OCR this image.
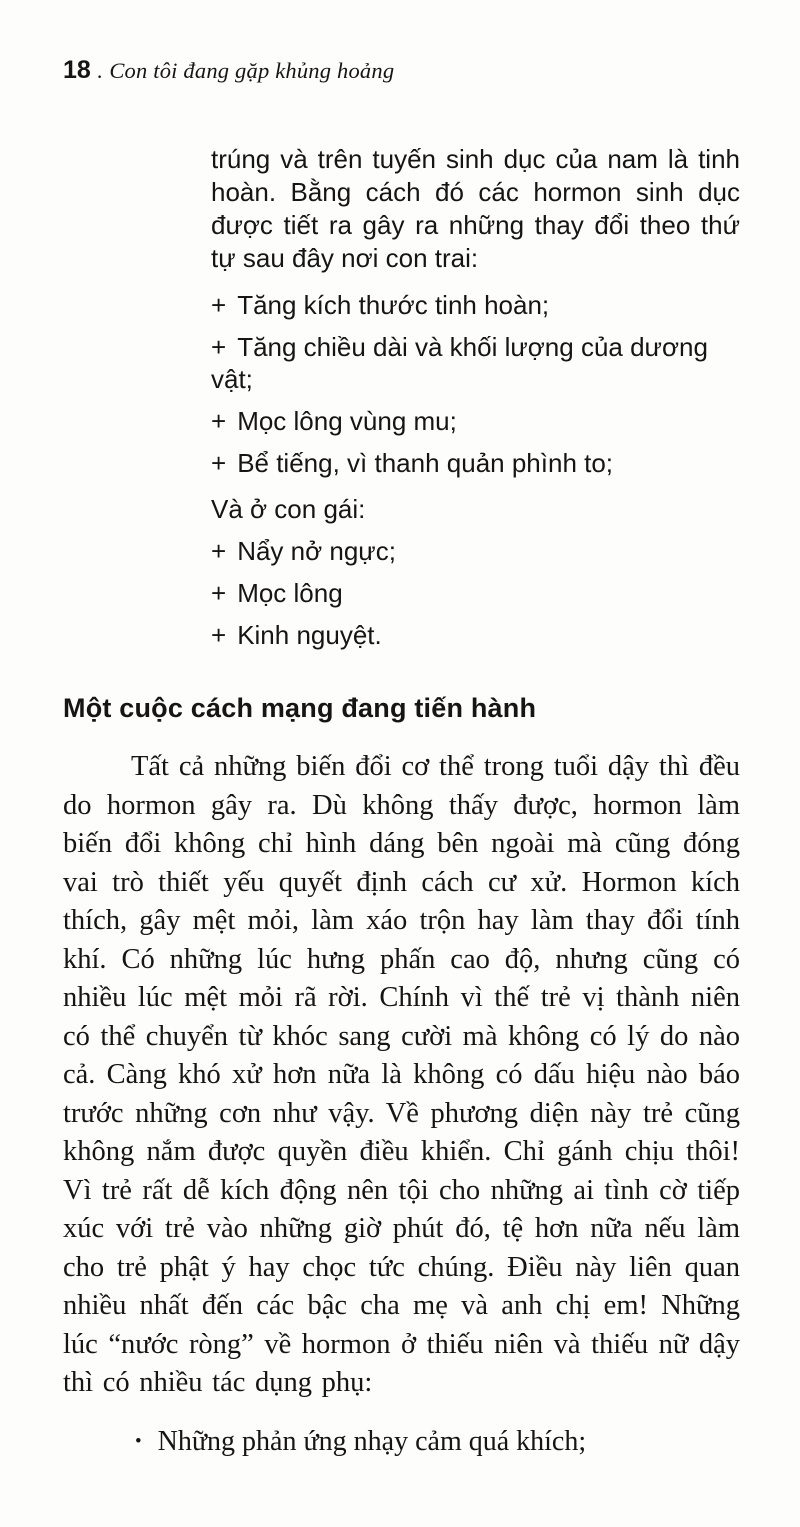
18 . Con tôi đang gặp khủng hoảng

trúng và trên tuyến sinh dục của nam là tinh hoàn. Bằng cách đó các hormon sinh dục được tiết ra gây ra những thay đổi theo thứ tự sau đây nơi con trai:

+ Tăng kích thước tinh hoàn;
+ Tăng chiều dài và khối lượng của dương vật;
+ Mọc lông vùng mu;
+ Bể tiếng, vì thanh quản phình to;

Và ở con gái:

+ Nẩy nở ngực;
+ Mọc lông
+ Kinh nguyệt.
Một cuộc cách mạng đang tiến hành

Tất cả những biến đổi cơ thể trong tuổi dậy thì đều do hormon gây ra. Dù không thấy được, hormon làm biến đổi không chỉ hình dáng bên ngoài mà cũng đóng vai trò thiết yếu quyết định cách cư xử. Hormon kích thích, gây mệt mỏi, làm xáo trộn hay làm thay đổi tính khí. Có những lúc hưng phấn cao độ, nhưng cũng có nhiều lúc mệt mỏi rã rời. Chính vì thế trẻ vị thành niên có thể chuyển từ khóc sang cười mà không có lý do nào cả. Càng khó xử hơn nữa là không có dấu hiệu nào báo trước những cơn như vậy. Về phương diện này trẻ cũng không nắm được quyền điều khiển. Chỉ gánh chịu thôi! Vì trẻ rất dễ kích động nên tội cho những ai tình cờ tiếp xúc với trẻ vào những giờ phút đó, tệ hơn nữa nếu làm cho trẻ phật ý hay chọc tức chúng. Điều này liên quan nhiều nhất đến các bậc cha mẹ và anh chị em! Những lúc “nước ròng” về hormon ở thiếu niên và thiếu nữ dậy thì có nhiều tác dụng phụ:

• Những phản ứng nhạy cảm quá khích;
